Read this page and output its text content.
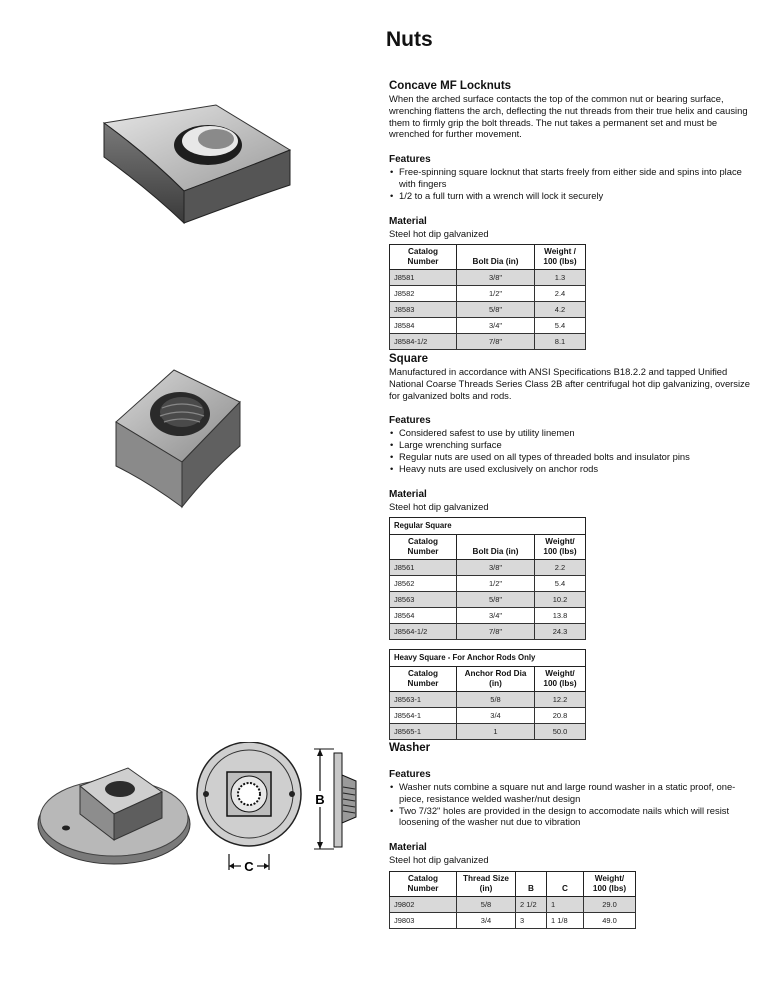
Nuts
C
B
Concave MF Locknuts

When the arched surface contacts the top of the common nut or bearing surface, wrenching flattens the arch, deflecting the nut threads from their true helix and causing them to firmly grip the bolt threads. The nut takes a permanent set and must be wrenched for further movement.

Features
• Free-spinning square locknut that starts freely from either side and spins into place with fingers
• 1/2 to a full turn with a wrench will lock it securely
Material

Steel hot dip galvanized

Catalog Number	Bolt Dia (in)	Weight / 100 (lbs)
J8581	3/8"	1.3
J8582	1/2"	2.4
J8583	5/8"	4.2
J8584	3/4"	5.4
J8584-1/2	7/8"	8.1
Square

Manufactured in accordance with ANSI Specifications B18.2.2 and tapped Unified National Coarse Threads Series Class 2B after centrifugal hot dip galvanizing, oversize for galvanized bolts and rods.

Features
• Considered safest to use by utility linemen
• Large wrenching surface
• Regular nuts are used on all types of threaded bolts and insulator pins
• Heavy nuts are used exclusively on anchor rods
Material

Steel hot dip galvanized

Regular Square		
Catalog Number	Bolt Dia (in)	Weight/ 100 (lbs)
J8561	3/8"	2.2
J8562	1/2"	5.4
J8563	5/8"	10.2
J8564	3/4"	13.8
J8564-1/2	7/8"	24.3
Heavy Square - For Anchor Rods Only		
Catalog Number	Anchor Rod Dia (in)	Weight/ 100 (lbs)
J8563-1	5/8	12.2
J8564-1	3/4	20.8
J8565-1	1	50.0
Washer
Features
• Washer nuts combine a square nut and large round washer in a static proof, one-piece, resistance welded washer/nut design
• Two 7/32" holes are provided in the design to accomodate nails which will resist loosening of the washer nut due to vibration
Material

Steel hot dip galvanized

Catalog Number	Thread Size (in)	B	C	Weight/ 100 (lbs)
J9802	5/8	2 1/2	1	29.0
J9803	3/4	3	1 1/8	49.0
